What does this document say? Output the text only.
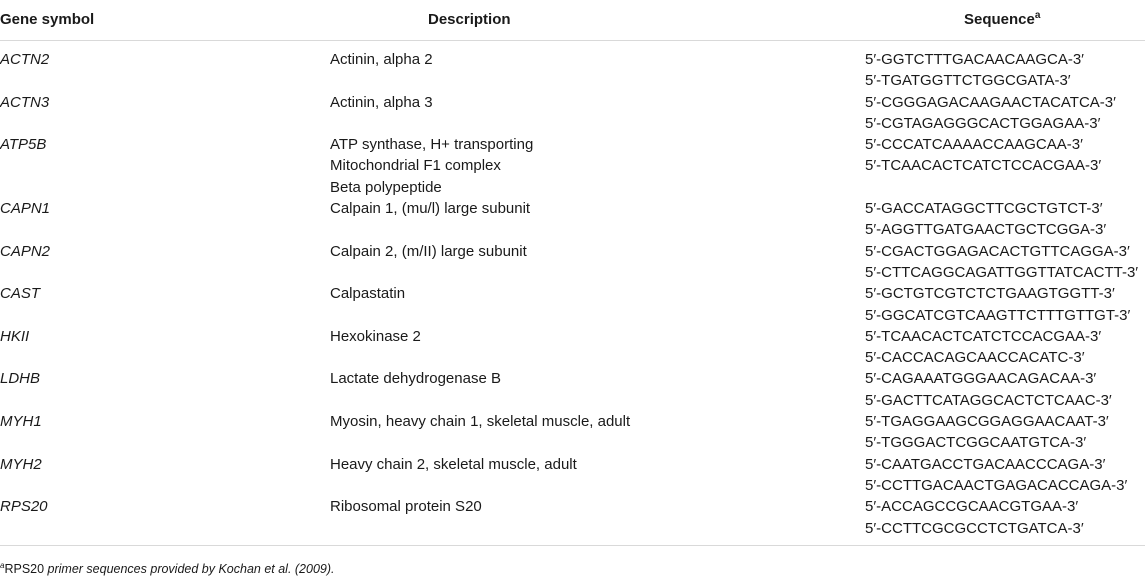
Gene symbol	Description	Sequence$^a$
ACTN2	Actinin, alpha 2	5′-GGTCTTTGACAACAAGCA-3′
5′-TGATGGTTCTGGCGATA-3′
ACTN3	Actinin, alpha 3	5′-CGGGAGACAAGAACTACATCA-3′
5′-CGTAGAGGGCACTGGAGAA-3′
ATP5B	ATP synthase, H+ transporting
Mitochondrial F1 complex
Beta polypeptide
5′-CCCATCAAAACCAAGCAA-3′
5′-TCAACACTCATCTCCACGAA-3′
CAPN1	Calpain 1, (mu/l) large subunit	5′-GACCATAGGCTTCGCTGTCT-3′
5′-AGGTTGATGAACTGCTCGGA-3′
CAPN2	Calpain 2, (m/II) large subunit	5′-CGACTGGAGACACTGTTCAGGA-3′
5′-CTTCAGGCAGATTGGTTATCACTT-3′
CAST	Calpastatin	5′-GCTGTCGTCTCTGAAGTGGTT-3′
5′-GGCATCGTCAAGTTCTTTGTTGT-3′
HKII	Hexokinase 2	5′-TCAACACTCATCTCCACGAA-3′
5′-CACCACAGCAACCACATC-3′
LDHB	Lactate dehydrogenase B	5′-CAGAAATGGGAACAGACAA-3′
5′-GACTTCATAGGCACTCTCAAC-3′
MYH1	Myosin, heavy chain 1, skeletal muscle, adult	5′-TGAGGAAGCGGAGGAACAAT-3′
5′-TGGGACTCGGCAATGTCA-3′
MYH2	Heavy chain 2, skeletal muscle, adult	5′-CAATGACCTGACAACCCAGA-3′
5′-CCTTGACAACTGAGACACCAGA-3′
RPS20	Ribosomal protein S20	5′-ACCAGCCGCAACGTGAA-3′
5′-CCTTCGCGCCTCTGATCA-3′
$^a$RPS20 primer sequences provided by Kochan et al. (2009).
